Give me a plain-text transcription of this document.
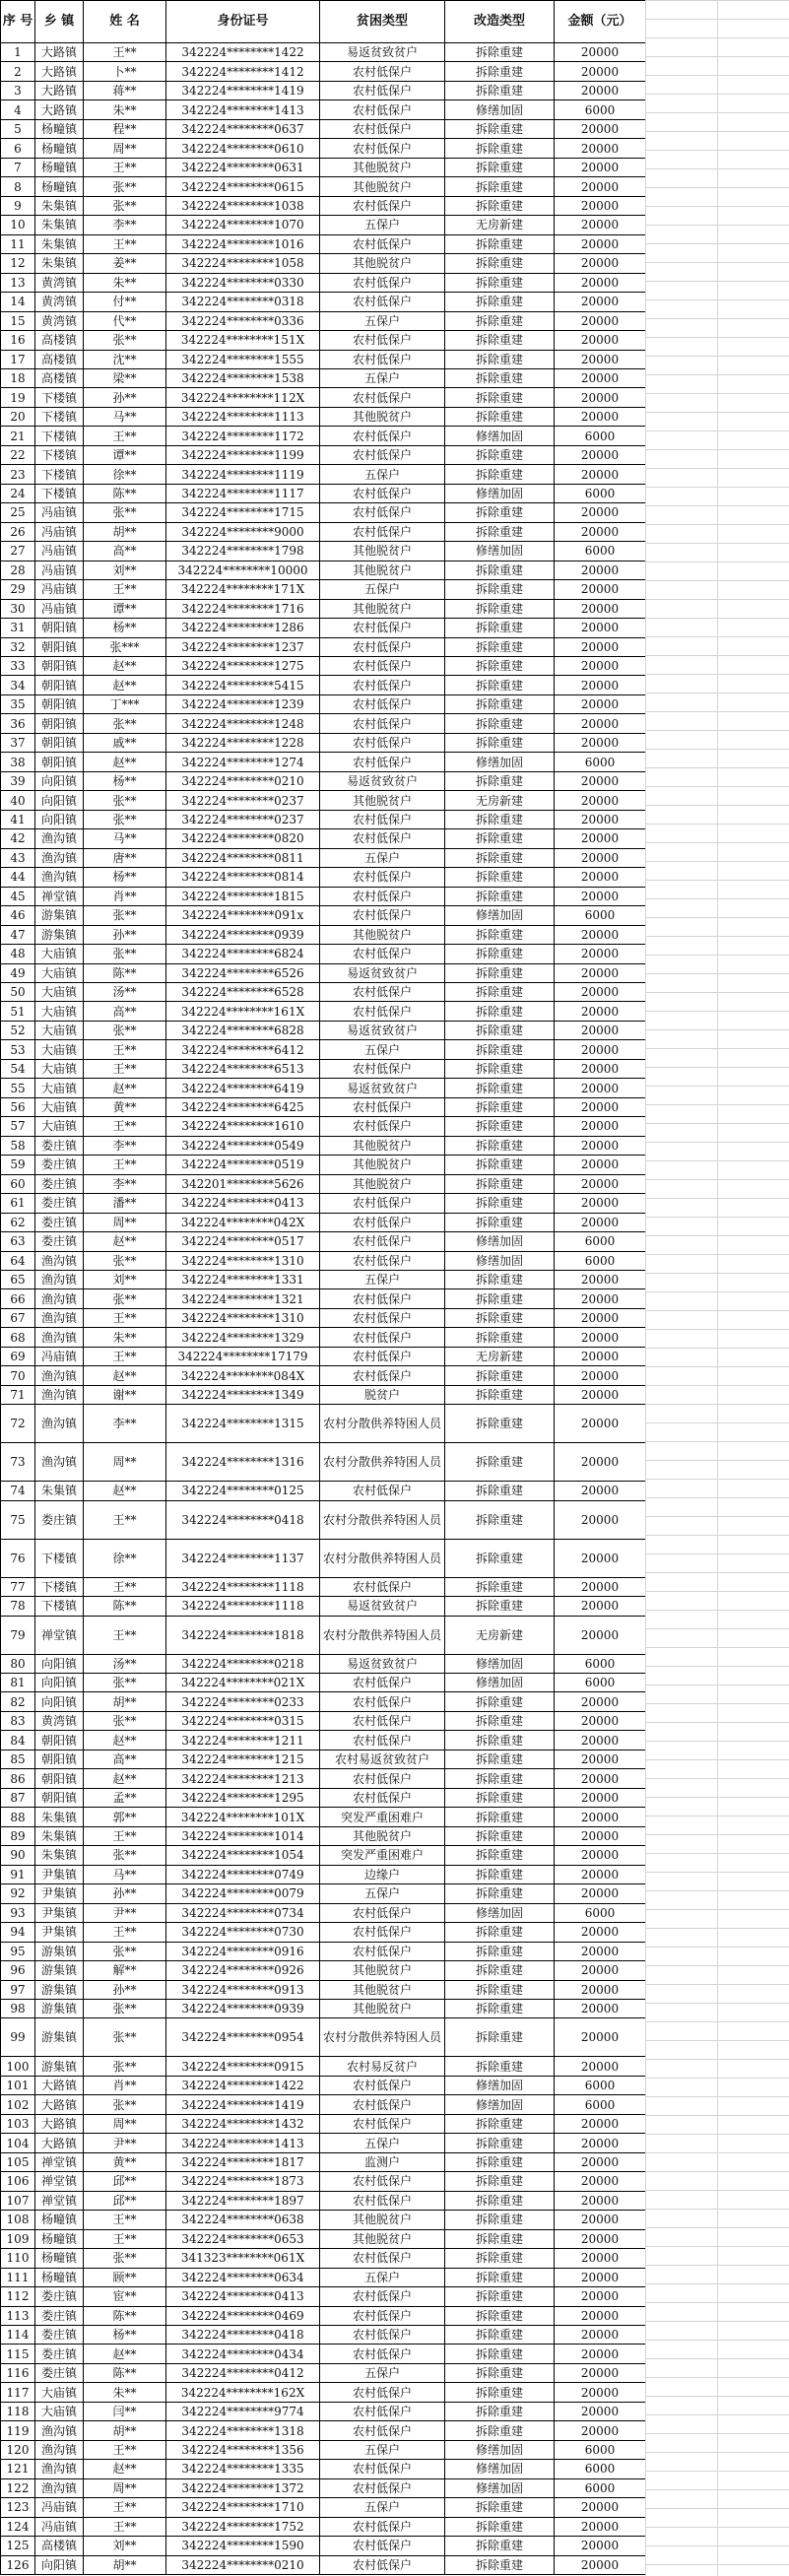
序 号	乡 镇	姓 名	身份证号	贫困类型	改造类型	金额（元）
1	大路镇	王**	342224********1422	易返贫致贫户	拆除重建	20000
2	大路镇	卜**	342224********1412	农村低保户	拆除重建	20000
3	大路镇	蒋**	342224********1419	农村低保户	拆除重建	20000
4	大路镇	朱**	342224********1413	农村低保户	修缮加固	6000
5	杨疃镇	程**	342224********0637	农村低保户	拆除重建	20000
6	杨疃镇	周**	342224********0610	农村低保户	拆除重建	20000
7	杨疃镇	王**	342224********0631	其他脱贫户	拆除重建	20000
8	杨疃镇	张**	342224********0615	其他脱贫户	拆除重建	20000
9	朱集镇	张**	342224********1038	农村低保户	拆除重建	20000
10	朱集镇	李**	342224********1070	五保户	无房新建	20000
11	朱集镇	王**	342224********1016	农村低保户	拆除重建	20000
12	朱集镇	姜**	342224********1058	其他脱贫户	拆除重建	20000
13	黄湾镇	朱**	342224********0330	农村低保户	拆除重建	20000
14	黄湾镇	付**	342224********0318	农村低保户	拆除重建	20000
15	黄湾镇	代**	342224********0336	五保户	拆除重建	20000
16	高楼镇	张**	342224********151X	农村低保户	拆除重建	20000
17	高楼镇	沈**	342224********1555	农村低保户	拆除重建	20000
18	高楼镇	梁**	342224********1538	五保户	拆除重建	20000
19	下楼镇	孙**	342224********112X	农村低保户	拆除重建	20000
20	下楼镇	马**	342224********1113	其他脱贫户	拆除重建	20000
21	下楼镇	王**	342224********1172	农村低保户	修缮加固	6000
22	下楼镇	谭**	342224********1199	农村低保户	拆除重建	20000
23	下楼镇	徐**	342224********1119	五保户	拆除重建	20000
24	下楼镇	陈**	342224********1117	农村低保户	修缮加固	6000
25	冯庙镇	张**	342224********1715	农村低保户	拆除重建	20000
26	冯庙镇	胡**	342224********9000	农村低保户	拆除重建	20000
27	冯庙镇	高**	342224********1798	其他脱贫户	修缮加固	6000
28	冯庙镇	刘**	342224********10000	其他脱贫户	拆除重建	20000
29	冯庙镇	王**	342224********171X	五保户	拆除重建	20000
30	冯庙镇	谭**	342224********1716	其他脱贫户	拆除重建	20000
31	朝阳镇	杨**	342224********1286	农村低保户	拆除重建	20000
32	朝阳镇	张***	342224********1237	农村低保户	拆除重建	20000
33	朝阳镇	赵**	342224********1275	农村低保户	拆除重建	20000
34	朝阳镇	赵**	342224********5415	农村低保户	拆除重建	20000
35	朝阳镇	丁***	342224********1239	农村低保户	拆除重建	20000
36	朝阳镇	张**	342224********1248	农村低保户	拆除重建	20000
37	朝阳镇	戚**	342224********1228	农村低保户	拆除重建	20000
38	朝阳镇	赵**	342224********1274	农村低保户	修缮加固	6000
39	向阳镇	杨**	342224********0210	易返贫致贫户	拆除重建	20000
40	向阳镇	张**	342224********0237	其他脱贫户	无房新建	20000
41	向阳镇	张**	342224********0237	农村低保户	拆除重建	20000
42	渔沟镇	马**	342224********0820	农村低保户	拆除重建	20000
43	渔沟镇	唐**	342224********0811	五保户	拆除重建	20000
44	渔沟镇	杨**	342224********0814	农村低保户	拆除重建	20000
45	禅堂镇	肖**	342224********1815	农村低保户	拆除重建	20000
46	游集镇	张**	342224********091x	农村低保户	修缮加固	6000
47	游集镇	孙**	342224********0939	其他脱贫户	拆除重建	20000
48	大庙镇	张**	342224********6824	农村低保户	拆除重建	20000
49	大庙镇	陈**	342224********6526	易返贫致贫户	拆除重建	20000
50	大庙镇	汤**	342224********6528	农村低保户	拆除重建	20000
51	大庙镇	高**	342224********161X	农村低保户	拆除重建	20000
52	大庙镇	张**	342224********6828	易返贫致贫户	拆除重建	20000
53	大庙镇	王**	342224********6412	五保户	拆除重建	20000
54	大庙镇	王**	342224********6513	农村低保户	拆除重建	20000
55	大庙镇	赵**	342224********6419	易返贫致贫户	拆除重建	20000
56	大庙镇	黄**	342224********6425	农村低保户	拆除重建	20000
57	大庙镇	王**	342224********1610	农村低保户	拆除重建	20000
58	娄庄镇	李**	342224********0549	其他脱贫户	拆除重建	20000
59	娄庄镇	王**	342224********0519	其他脱贫户	拆除重建	20000
60	娄庄镇	李**	342201********5626	其他脱贫户	拆除重建	20000
61	娄庄镇	潘**	342224********0413	农村低保户	拆除重建	20000
62	娄庄镇	周**	342224********042X	农村低保户	拆除重建	20000
63	娄庄镇	赵**	342224********0517	农村低保户	修缮加固	6000
64	渔沟镇	张**	342224********1310	农村低保户	修缮加固	6000
65	渔沟镇	刘**	342224********1331	五保户	拆除重建	20000
66	渔沟镇	张**	342224********1321	农村低保户	拆除重建	20000
67	渔沟镇	王**	342224********1310	农村低保户	拆除重建	20000
68	渔沟镇	朱**	342224********1329	农村低保户	拆除重建	20000
69	冯庙镇	王**	342224********17179	农村低保户	无房新建	20000
70	渔沟镇	赵**	342224********084X	农村低保户	拆除重建	20000
71	渔沟镇	谢**	342224********1349	脱贫户	拆除重建	20000
72	渔沟镇	李**	342224********1315	农村分散供养特困人员	拆除重建	20000
73	渔沟镇	周**	342224********1316	农村分散供养特困人员	拆除重建	20000
74	朱集镇	赵**	342224********0125	农村低保户	拆除重建	20000
75	娄庄镇	王**	342224********0418	农村分散供养特困人员	拆除重建	20000
76	下楼镇	徐**	342224********1137	农村分散供养特困人员	拆除重建	20000
77	下楼镇	王**	342224********1118	农村低保户	拆除重建	20000
78	下楼镇	陈**	342224********1118	易返贫致贫户	拆除重建	20000
79	禅堂镇	王**	342224********1818	农村分散供养特困人员	无房新建	20000
80	向阳镇	汤**	342224********0218	易返贫致贫户	修缮加固	6000
81	向阳镇	张**	342224********021X	农村低保户	修缮加固	6000
82	向阳镇	胡**	342224********0233	农村低保户	拆除重建	20000
83	黄湾镇	张**	342224********0315	农村低保户	拆除重建	20000
84	朝阳镇	赵**	342224********1211	农村低保户	拆除重建	20000
85	朝阳镇	高**	342224********1215	农村易返贫致贫户	拆除重建	20000
86	朝阳镇	赵**	342224********1213	农村低保户	拆除重建	20000
87	朝阳镇	孟**	342224********1295	农村低保户	拆除重建	20000
88	朱集镇	郭**	342224********101X	突发严重困难户	拆除重建	20000
89	朱集镇	王**	342224********1014	其他脱贫户	拆除重建	20000
90	朱集镇	张**	342224********1054	突发严重困难户	拆除重建	20000
91	尹集镇	马**	342224********0749	边缘户	拆除重建	20000
92	尹集镇	孙**	342224********0079	五保户	拆除重建	20000
93	尹集镇	尹**	342224********0734	农村低保户	修缮加固	6000
94	尹集镇	王**	342224********0730	农村低保户	拆除重建	20000
95	游集镇	张**	342224********0916	农村低保户	拆除重建	20000
96	游集镇	解**	342224********0926	其他脱贫户	拆除重建	20000
97	游集镇	孙**	342224********0913	其他脱贫户	拆除重建	20000
98	游集镇	张**	342224********0939	其他脱贫户	拆除重建	20000
99	游集镇	张**	342224********0954	农村分散供养特困人员	拆除重建	20000
100	游集镇	张**	342224********0915	农村易反贫户	拆除重建	20000
101	大路镇	肖**	342224********1422	农村低保户	修缮加固	6000
102	大路镇	张**	342224********1419	农村低保户	修缮加固	6000
103	大路镇	周**	342224********1432	农村低保户	拆除重建	20000
104	大路镇	尹**	342224********1413	五保户	拆除重建	20000
105	禅堂镇	黄**	342224********1817	监测户	拆除重建	20000
106	禅堂镇	邱**	342224********1873	农村低保户	拆除重建	20000
107	禅堂镇	邱**	342224********1897	农村低保户	拆除重建	20000
108	杨疃镇	王**	342224********0638	其他脱贫户	拆除重建	20000
109	杨疃镇	王**	342224********0653	其他脱贫户	拆除重建	20000
110	杨疃镇	张**	341323********061X	农村低保户	拆除重建	20000
111	杨疃镇	顾**	342224********0634	五保户	拆除重建	20000
112	娄庄镇	宦**	342224********0413	农村低保户	拆除重建	20000
113	娄庄镇	陈**	342224********0469	农村低保户	拆除重建	20000
114	娄庄镇	杨**	342224********0418	农村低保户	拆除重建	20000
115	娄庄镇	赵**	342224********0434	农村低保户	拆除重建	20000
116	娄庄镇	陈**	342224********0412	五保户	拆除重建	20000
117	大庙镇	朱**	342224********162X	农村低保户	拆除重建	20000
118	大庙镇	闫**	342224********9774	农村低保户	拆除重建	20000
119	渔沟镇	胡**	342224********1318	农村低保户	拆除重建	20000
120	渔沟镇	王**	342224********1356	五保户	修缮加固	6000
121	渔沟镇	赵**	342224********1335	农村低保户	修缮加固	6000
122	渔沟镇	周**	342224********1372	农村低保户	修缮加固	6000
123	冯庙镇	王**	342224********1710	五保户	拆除重建	20000
124	冯庙镇	王**	342224********1752	农村低保户	拆除重建	20000
125	高楼镇	刘**	342224********1590	农村低保户	拆除重建	20000
126	向阳镇	胡**	342224********0210	农村低保户	拆除重建	20000
